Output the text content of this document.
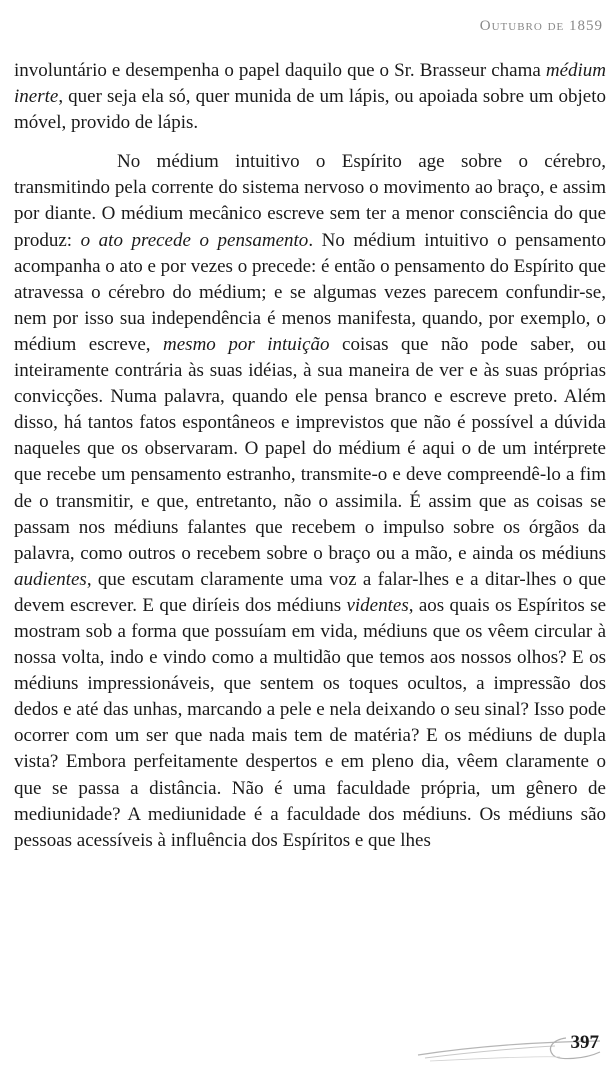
Outubro de 1859

involuntário e desempenha o papel daquilo que o Sr. Brasseur chama médium inerte, quer seja ela só, quer munida de um lápis, ou apoiada sobre um objeto móvel, provido de lápis.

No médium intuitivo o Espírito age sobre o cérebro, transmitindo pela corrente do sistema nervoso o movimento ao braço, e assim por diante. O médium mecânico escreve sem ter a menor consciência do que produz: o ato precede o pensamento. No médium intuitivo o pensamento acompanha o ato e por vezes o precede: é então o pensamento do Espírito que atravessa o cérebro do médium; e se algumas vezes parecem confundir-se, nem por isso sua independência é menos manifesta, quando, por exemplo, o médium escreve, mesmo por intuição coisas que não pode saber, ou inteiramente contrária às suas idéias, à sua maneira de ver e às suas próprias convicções. Numa palavra, quando ele pensa branco e escreve preto. Além disso, há tantos fatos espontâneos e imprevistos que não é possível a dúvida naqueles que os observaram. O papel do médium é aqui o de um intérprete que recebe um pensamento estranho, transmite-o e deve compreendê-lo a fim de o transmitir, e que, entretanto, não o assimila. É assim que as coisas se passam nos médiuns falantes que recebem o impulso sobre os órgãos da palavra, como outros o recebem sobre o braço ou a mão, e ainda os médiuns audientes, que escutam claramente uma voz a falar-lhes e a ditar-lhes o que devem escrever. E que diríeis dos médiuns videntes, aos quais os Espíritos se mostram sob a forma que possuíam em vida, médiuns que os vêem circular à nossa volta, indo e vindo como a multidão que temos aos nossos olhos? E os médiuns impressionáveis, que sentem os toques ocultos, a impressão dos dedos e até das unhas, marcando a pele e nela deixando o seu sinal? Isso pode ocorrer com um ser que nada mais tem de matéria? E os médiuns de dupla vista? Embora perfeitamente despertos e em pleno dia, vêem claramente o que se passa a distância. Não é uma faculdade própria, um gênero de mediunidade? A mediunidade é a faculdade dos médiuns. Os médiuns são pessoas acessíveis à influência dos Espíritos e que lhes

397
